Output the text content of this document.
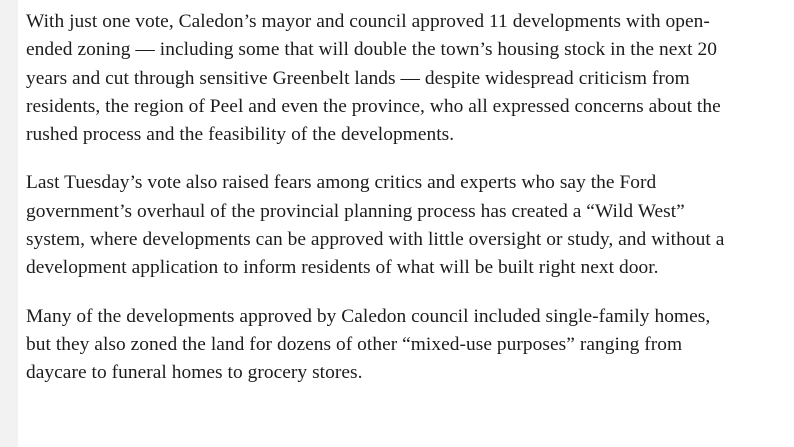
With just one vote, Caledon’s mayor and council approved 11 developments with open-ended zoning — including some that will double the town’s housing stock in the next 20 years and cut through sensitive Greenbelt lands — despite widespread criticism from residents, the region of Peel and even the province, who all expressed concerns about the rushed process and the feasibility of the developments.

Last Tuesday’s vote also raised fears among critics and experts who say the Ford government’s overhaul of the provincial planning process has created a “Wild West” system, where developments can be approved with little oversight or study, and without a development application to inform residents of what will be built right next door.

Many of the developments approved by Caledon council included single-family homes, but they also zoned the land for dozens of other “mixed-use purposes” ranging from daycare to funeral homes to grocery stores.
